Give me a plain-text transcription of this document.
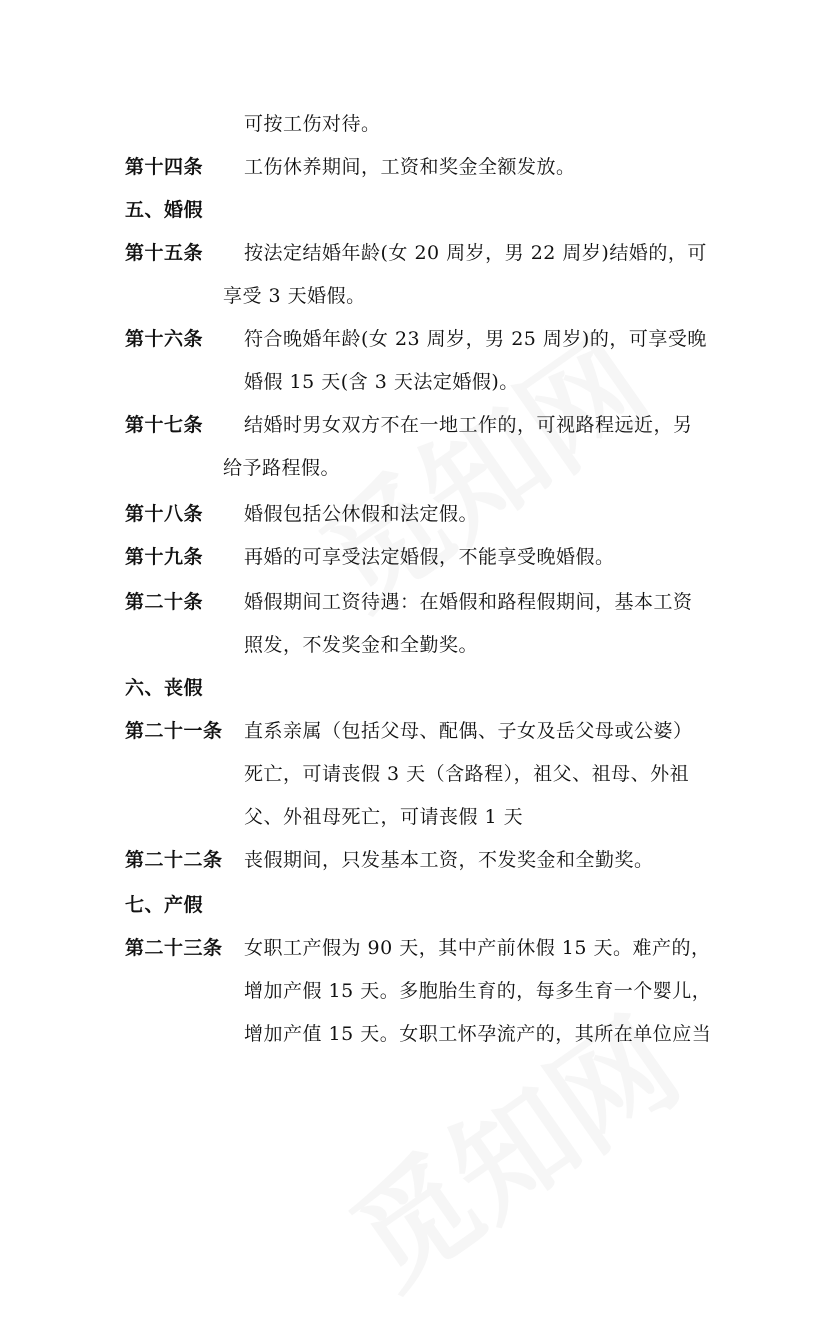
可按工伤对待。
第十四条 工伤休养期间，工资和奖金全额发放。
五、婚假
第十五条 按法定结婚年龄(女 20 周岁，男 22 周岁)结婚的，可
享受 3 天婚假。
第十六条 符合晚婚年龄(女 23 周岁，男 25 周岁)的，可享受晚
婚假 15 天(含 3 天法定婚假)。
第十七条 结婚时男女双方不在一地工作的，可视路程远近，另
给予路程假。
第十八条 婚假包括公休假和法定假。
第十九条 再婚的可享受法定婚假，不能享受晚婚假。
第二十条 婚假期间工资待遇：在婚假和路程假期间，基本工资
照发，不发奖金和全勤奖。
六、丧假
第二十一条 直系亲属（包括父母、配偶、子女及岳父母或公婆）
死亡，可请丧假 3 天（含路程），祖父、祖母、外祖
父、外祖母死亡，可请丧假 1 天
第二十二条 丧假期间，只发基本工资，不发奖金和全勤奖。
七、产假
第二十三条 女职工产假为 90 天，其中产前休假 15 天。难产的，
增加产假 15 天。多胞胎生育的，每多生育一个婴儿，
增加产值 15 天。女职工怀孕流产的，其所在单位应当
